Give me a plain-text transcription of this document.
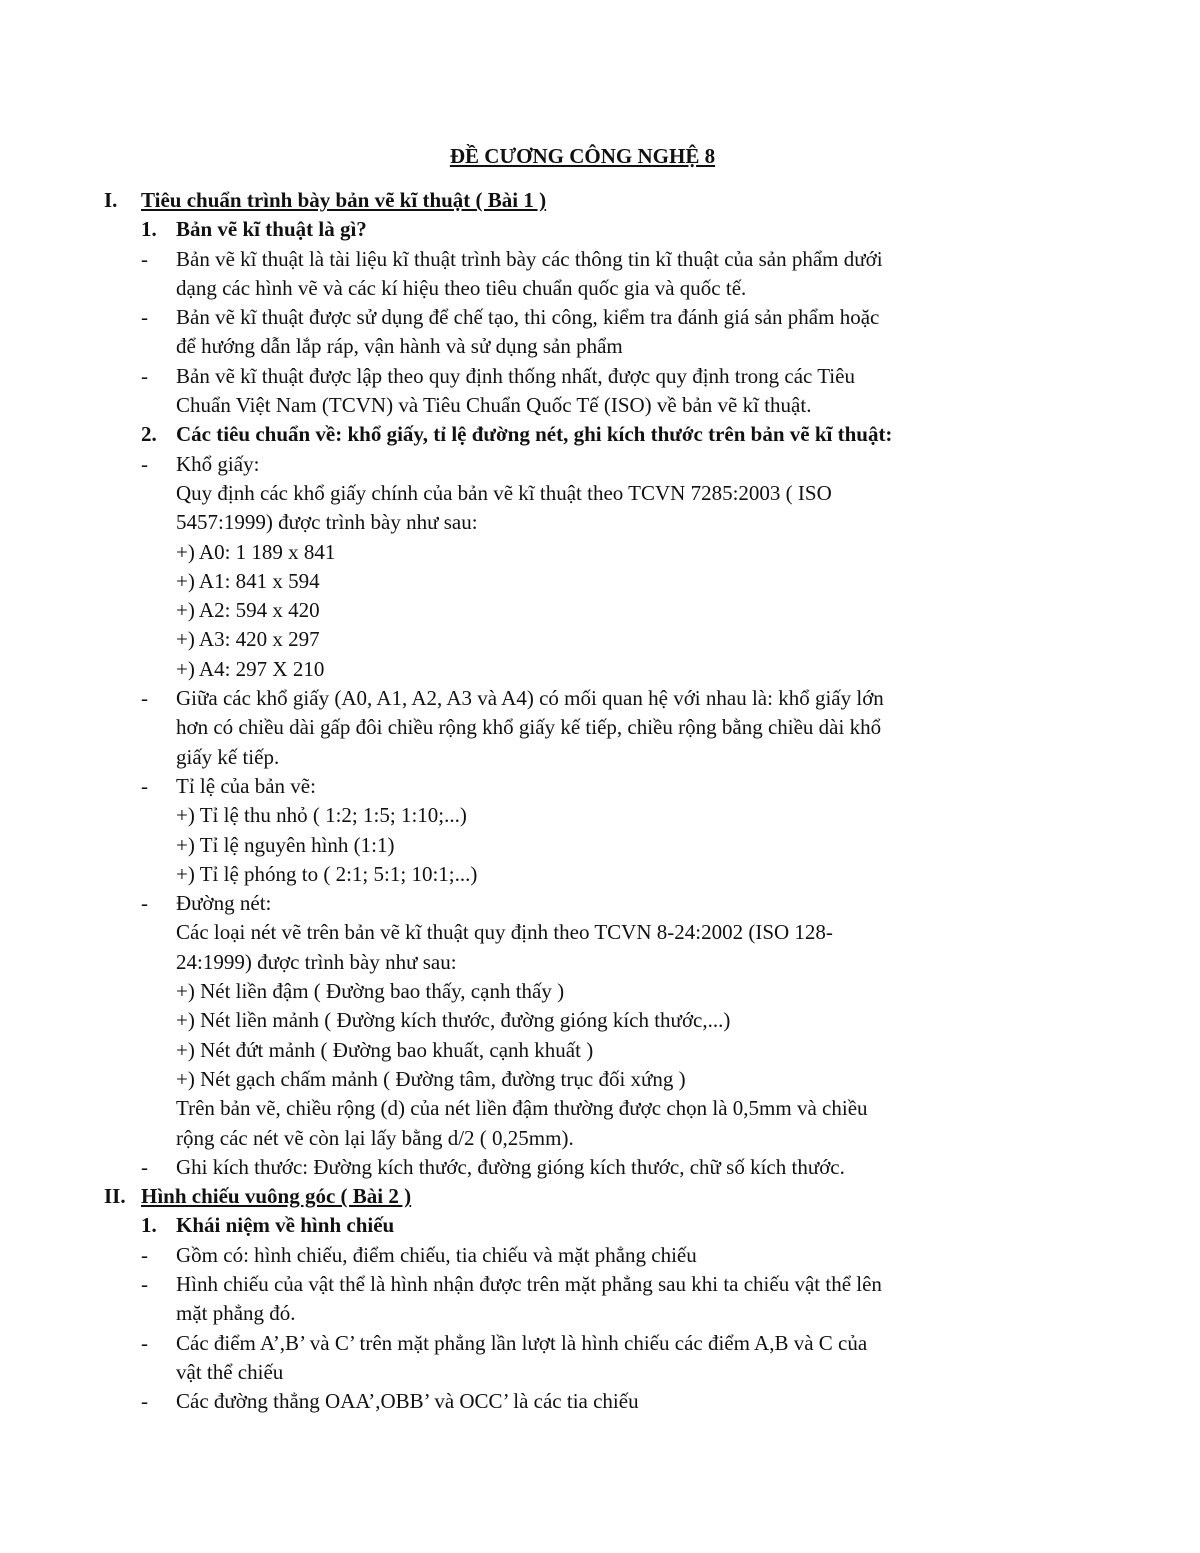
ĐỀ CƯƠNG CÔNG NGHỆ 8
I. Tiêu chuẩn trình bày bản vẽ kĩ thuật ( Bài 1 )
1. Bản vẽ kĩ thuật là gì?
- Bản vẽ kĩ thuật là tài liệu kĩ thuật trình bày các thông tin kĩ thuật của sản phẩm dưới
dạng các hình vẽ và các kí hiệu theo tiêu chuẩn quốc gia và quốc tế.
- Bản vẽ kĩ thuật được sử dụng để chế tạo, thi công, kiểm tra đánh giá sản phẩm hoặc
để hướng dẫn lắp ráp, vận hành và sử dụng sản phẩm
- Bản vẽ kĩ thuật được lập theo quy định thống nhất, được quy định trong các Tiêu
Chuẩn Việt Nam (TCVN) và Tiêu Chuẩn Quốc Tế (ISO) về bản vẽ kĩ thuật.
2. Các tiêu chuẩn về: khổ giấy, tỉ lệ đường nét, ghi kích thước trên bản vẽ kĩ thuật:
- Khổ giấy:
Quy định các khổ giấy chính của bản vẽ kĩ thuật theo TCVN 7285:2003 ( ISO
5457:1999) được trình bày như sau:
+) A0: 1 189 x 841
+) A1: 841 x 594
+) A2: 594 x 420
+) A3: 420 x 297
+) A4: 297 X 210
- Giữa các khổ giấy (A0, A1, A2, A3 và A4) có mối quan hệ với nhau là: khổ giấy lớn
hơn có chiều dài gấp đôi chiều rộng khổ giấy kế tiếp, chiều rộng bằng chiều dài khổ
giấy kế tiếp.
- Tỉ lệ của bản vẽ:
+) Tỉ lệ thu nhỏ ( 1:2; 1:5; 1:10;...)
+) Tỉ lệ nguyên hình (1:1)
+) Tỉ lệ phóng to ( 2:1; 5:1; 10:1;...)
- Đường nét:
Các loại nét vẽ trên bản vẽ kĩ thuật quy định theo TCVN 8-24:2002 (ISO 128-
24:1999) được trình bày như sau:
+) Nét liền đậm ( Đường bao thấy, cạnh thấy )
+) Nét liền mảnh ( Đường kích thước, đường gióng kích thước,...)
+) Nét đứt mảnh ( Đường bao khuất, cạnh khuất )
+) Nét gạch chấm mảnh ( Đường tâm, đường trục đối xứng )
Trên bản vẽ, chiều rộng (d) của nét liền đậm thường được chọn là 0,5mm và chiều
rộng các nét vẽ còn lại lấy bằng d/2 ( 0,25mm).
- Ghi kích thước: Đường kích thước, đường gióng kích thước, chữ số kích thước.
II. Hình chiếu vuông góc ( Bài 2 )
1. Khái niệm về hình chiếu
- Gồm có: hình chiếu, điểm chiếu, tia chiếu và mặt phẳng chiếu
- Hình chiếu của vật thể là hình nhận được trên mặt phẳng sau khi ta chiếu vật thể lên
mặt phẳng đó.
- Các điểm A’,B’ và C’ trên mặt phẳng lần lượt là hình chiếu các điểm A,B và C của
vật thể chiếu
- Các đường thẳng OAA’,OBB’ và OCC’ là các tia chiếu
